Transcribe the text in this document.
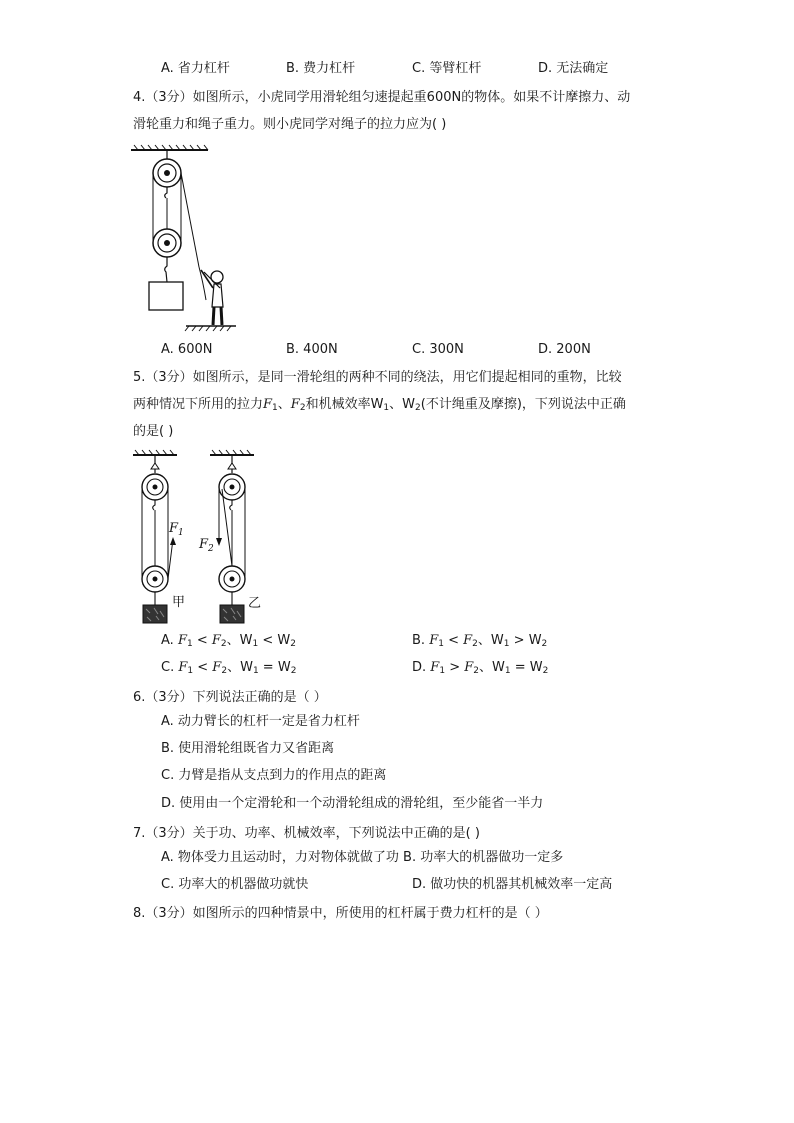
A. 省力杠杆	B. 费力杠杆	C. 等臂杠杆	D. 无法确定
4.（3分）如图所示，小虎同学用滑轮组匀速提起重600N的物体。如果不计摩擦力、动
滑轮重力和绳子重力。则小虎同学对绳子的拉力应为( )
A. 600N	B. 400N	C. 300N	D. 200N
5.（3分）如图所示，是同一滑轮组的两种不同的绕法，用它们提起相同的重物，比较
两种情况下所用的拉力$F_1$、$F_2$和机械效率$W_1$、$W_2$(不计绳重及摩擦)，下列说法中正确
的是( )
甲
$F_1$
乙
$F_2$
A. $F_1 < F_2$、$W_1 < W_2$	B. $F_1 < F_2$、$W_1 > W_2$
C. $F_1 < F_2$、$W_1 = W_2$	D. $F_1 > F_2$、$W_1 = W_2$
6.（3分）下列说法正确的是（ ）
A. 动力臂长的杠杆一定是省力杠杆
B. 使用滑轮组既省力又省距离
C. 力臂是指从支点到力的作用点的距离
D. 使用由一个定滑轮和一个动滑轮组成的滑轮组，至少能省一半力
7.（3分）关于功、功率、机械效率，下列说法中正确的是( )
A. 物体受力且运动时，力对物体就做了功 B. 功率大的机器做功一定多
C. 功率大的机器做功就快	D. 做功快的机器其机械效率一定高
8.（3分）如图所示的四种情景中，所使用的杠杆属于费力杠杆的是（ ）
